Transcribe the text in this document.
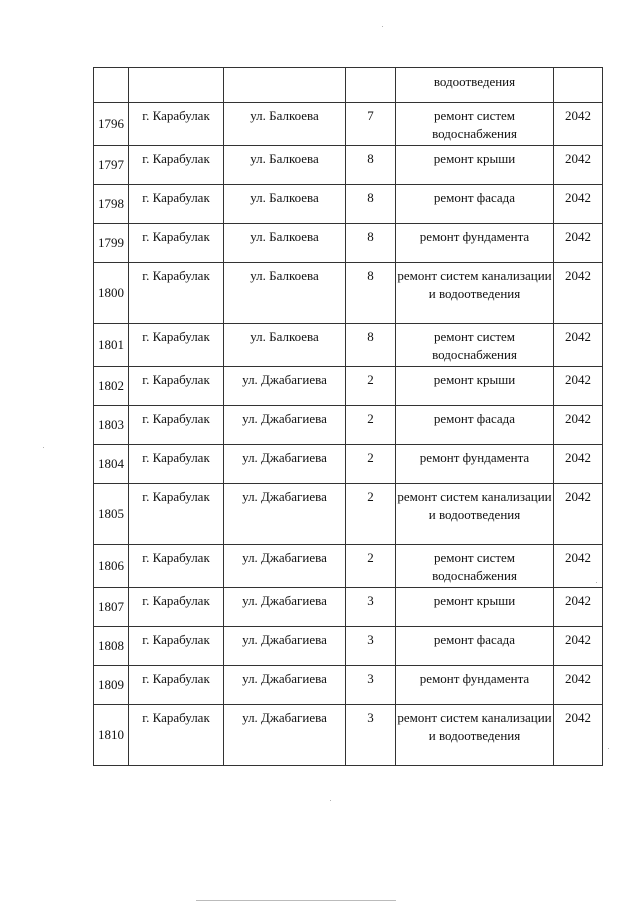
				водоотведения	

1796	г. Карабулак	ул. Балкоева	7	ремонт систем водоснабжения	2042

1797	г. Карабулак	ул. Балкоева	8	ремонт крыши	2042

1798	г. Карабулак	ул. Балкоева	8	ремонт фасада	2042

1799	г. Карабулак	ул. Балкоева	8	ремонт фундамента	2042

1800	г. Карабулак	ул. Балкоева	8	ремонт систем канализации и водоотведения	2042

1801	г. Карабулак	ул. Балкоева	8	ремонт систем водоснабжения	2042

1802	г. Карабулак	ул. Джабагиева	2	ремонт крыши	2042

1803	г. Карабулак	ул. Джабагиева	2	ремонт фасада	2042

1804	г. Карабулак	ул. Джабагиева	2	ремонт фундамента	2042

1805	г. Карабулак	ул. Джабагиева	2	ремонт систем канализации и водоотведения	2042

1806	г. Карабулак	ул. Джабагиева	2	ремонт систем водоснабжения	2042

1807	г. Карабулак	ул. Джабагиева	3	ремонт крыши	2042

1808	г. Карабулак	ул. Джабагиева	3	ремонт фасада	2042

1809	г. Карабулак	ул. Джабагиева	3	ремонт фундамента	2042

1810	г. Карабулак	ул. Джабагиева	3	ремонт систем канализации и водоотведения	2042
